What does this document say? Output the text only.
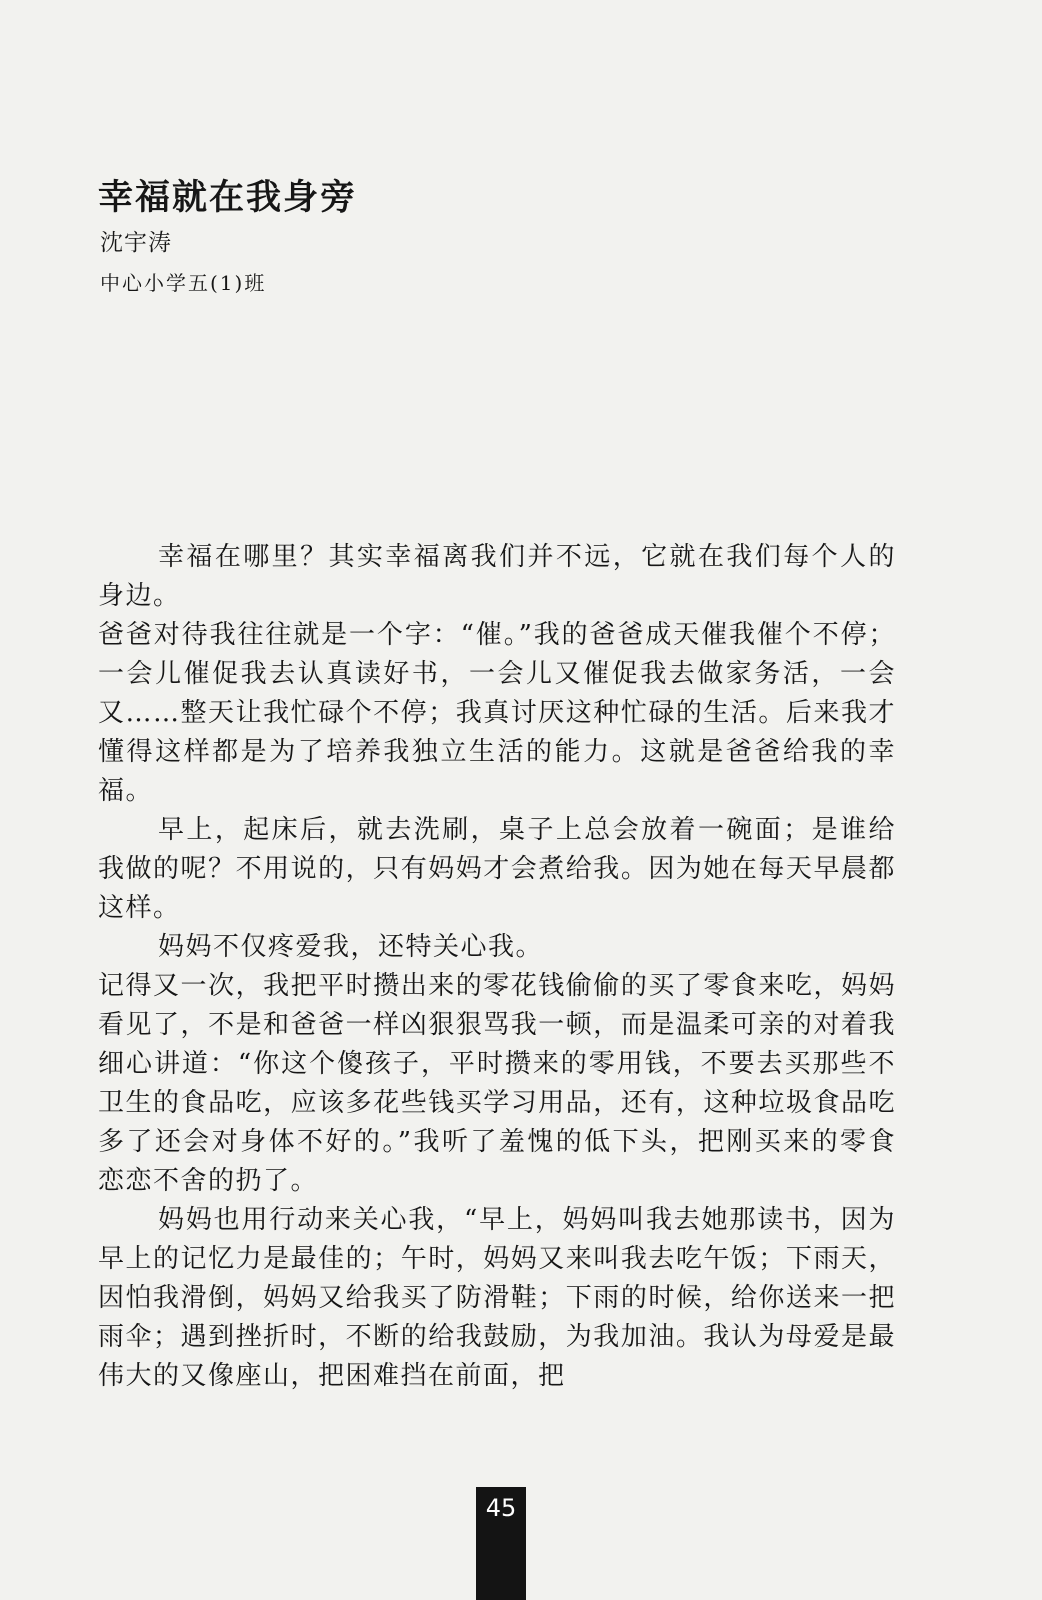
幸福就在我身旁
沈宇涛
中心小学五(1)班

幸福在哪里？其实幸福离我们并不远，它就在我们每个人的身边。

爸爸对待我往往就是一个字：“催。”我的爸爸成天催我催个不停；一会儿催促我去认真读好书，一会儿又催促我去做家务活，一会又……整天让我忙碌个不停；我真讨厌这种忙碌的生活。后来我才懂得这样都是为了培养我独立生活的能力。这就是爸爸给我的幸福。

早上，起床后，就去洗刷，桌子上总会放着一碗面；是谁给我做的呢？不用说的，只有妈妈才会煮给我。因为她在每天早晨都这样。

妈妈不仅疼爱我，还特关心我。

记得又一次，我把平时攒出来的零花钱偷偷的买了零食来吃，妈妈看见了，不是和爸爸一样凶狠狠骂我一顿，而是温柔可亲的对着我细心讲道：“你这个傻孩子，平时攒来的零用钱，不要去买那些不卫生的食品吃，应该多花些钱买学习用品，还有，这种垃圾食品吃多了还会对身体不好的。”我听了羞愧的低下头，把刚买来的零食恋恋不舍的扔了。

妈妈也用行动来关心我，“早上，妈妈叫我去她那读书，因为早上的记忆力是最佳的；午时，妈妈又来叫我去吃午饭；下雨天，因怕我滑倒，妈妈又给我买了防滑鞋；下雨的时候，给你送来一把雨伞；遇到挫折时，不断的给我鼓励，为我加油。我认为母爱是最伟大的又像座山，把困难挡在前面，把

45
